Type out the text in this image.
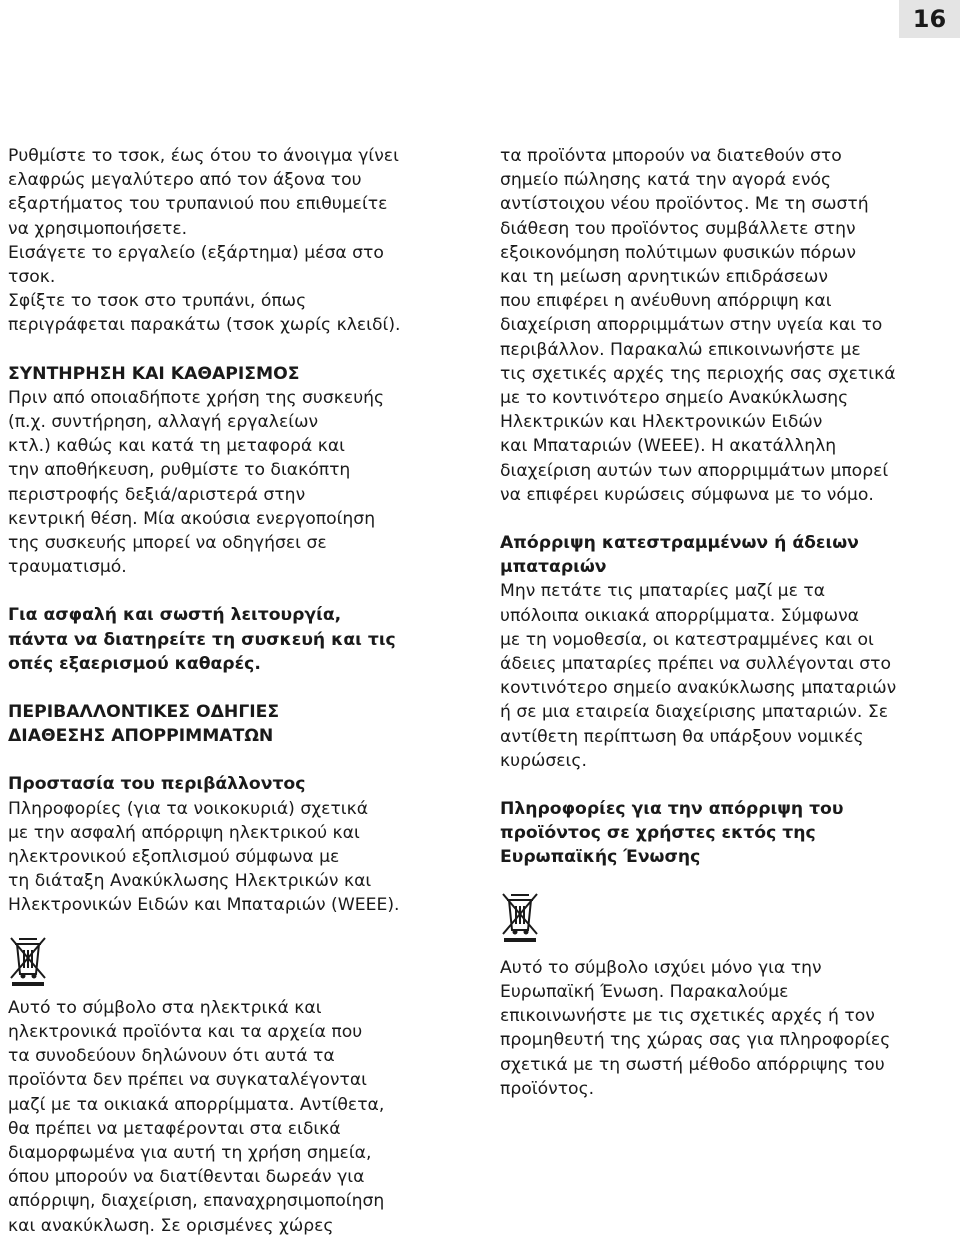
16

Ρυθμίστε το τσοκ, έως ότου το άνοιγμα γίνει
ελαφρώς μεγαλύτερο από τον άξονα του
εξαρτήματος του τρυπανιού που επιθυμείτε
να χρησιμοποιήσετε.
Εισάγετε το εργαλείο (εξάρτημα) μέσα στο
τσοκ.
Σφίξτε το τσοκ στο τρυπάνι, όπως
περιγράφεται παρακάτω (τσοκ χωρίς κλειδί).

ΣΥΝΤΗΡΗΣΗ ΚΑΙ ΚΑΘΑΡΙΣΜΟΣ

Πριν από οποιαδήποτε χρήση της συσκευής
(π.χ. συντήρηση, αλλαγή εργαλείων
κτλ.) καθώς και κατά τη μεταφορά και
την αποθήκευση, ρυθμίστε το διακόπτη
περιστροφής δεξιά/αριστερά στην
κεντρική θέση. Μία ακούσια ενεργοποίηση
της συσκευής μπορεί να οδηγήσει σε
τραυματισμό.

Για ασφαλή και σωστή λειτουργία,
πάντα να διατηρείτε τη συσκευή και τις
οπές εξαερισμού καθαρές.
ΠΕΡΙΒΑΛΛΟΝΤΙΚΕΣ ΟΔΗΓΙΕΣ
ΔΙΑΘΕΣΗΣ ΑΠΟΡΡΙΜΜΑΤΩΝ
Προστασία του περιβάλλοντος

Πληροφορίες (για τα νοικοκυριά) σχετικά
με την ασφαλή απόρριψη ηλεκτρικού και
ηλεκτρονικού εξοπλισμού σύμφωνα με
τη διάταξη Ανακύκλωσης Ηλεκτρικών και
Ηλεκτρονικών Ειδών και Μπαταριών (WEEE).

Αυτό το σύμβολο στα ηλεκτρικά και
ηλεκτρονικά προϊόντα και τα αρχεία που
τα συνοδεύουν δηλώνουν ότι αυτά τα
προϊόντα δεν πρέπει να συγκαταλέγονται
μαζί με τα οικιακά απορρίμματα. Αντίθετα,
θα πρέπει να μεταφέρονται στα ειδικά
διαμορφωμένα για αυτή τη χρήση σημεία,
όπου μπορούν να διατίθενται δωρεάν για
απόρριψη, διαχείριση, επαναχρησιμοποίηση
και ανακύκλωση. Σε ορισμένες χώρες

τα προϊόντα μπορούν να διατεθούν στο
σημείο πώλησης κατά την αγορά ενός
αντίστοιχου νέου προϊόντος. Με τη σωστή
διάθεση του προϊόντος συμβάλλετε στην
εξοικονόμηση πολύτιμων φυσικών πόρων
και τη μείωση αρνητικών επιδράσεων
που επιφέρει η ανέυθυνη απόρριψη και
διαχείριση απορριμμάτων στην υγεία και το
περιβάλλον. Παρακαλώ επικοινωνήστε με
τις σχετικές αρχές της περιοχής σας σχετικά
με το κοντινότερο σημείο Ανακύκλωσης
Ηλεκτρικών και Ηλεκτρονικών Ειδών
και Μπαταριών (WEEE). Η ακατάλληλη
διαχείριση αυτών των απορριμμάτων μπορεί
να επιφέρει κυρώσεις σύμφωνα με το νόμο.

Απόρριψη κατεστραμμένων ή άδειων
μπαταριών

Μην πετάτε τις μπαταρίες μαζί με τα
υπόλοιπα οικιακά απορρίμματα. Σύμφωνα
με τη νομοθεσία, οι κατεστραμμένες και οι
άδειες μπαταρίες πρέπει να συλλέγονται στο
κοντινότερο σημείο ανακύκλωσης μπαταριών
ή σε μια εταιρεία διαχείρισης μπαταριών. Σε
αντίθετη περίπτωση θα υπάρξουν νομικές
κυρώσεις.

Πληροφορίες για την απόρριψη του
προϊόντος σε χρήστες εκτός της
Ευρωπαϊκής Ένωσης

Αυτό το σύμβολο ισχύει μόνο για την
Ευρωπαϊκή Ένωση. Παρακαλούμε
επικοινωνήστε με τις σχετικές αρχές ή τον
προμηθευτή της χώρας σας για πληροφορίες
σχετικά με τη σωστή μέθοδο απόρριψης του
προϊόντος.
